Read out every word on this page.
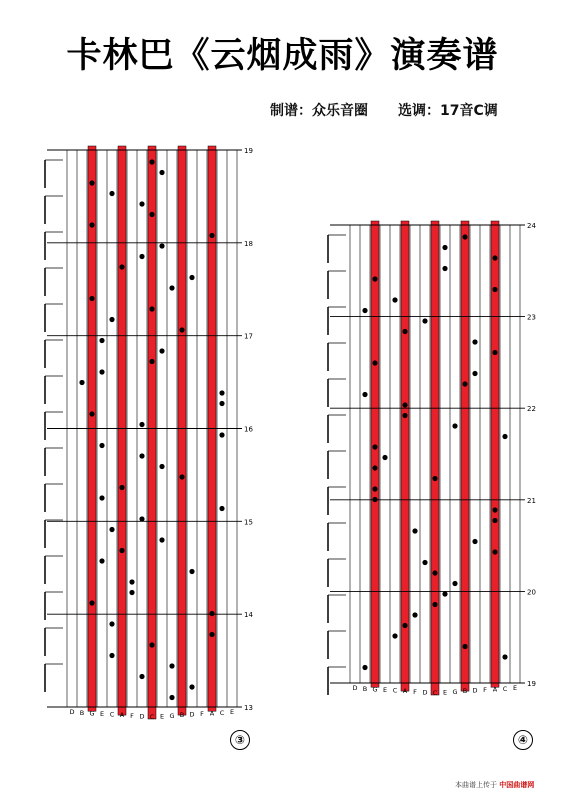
卡林巴《云烟成雨》演奏谱
制谱：众乐音圈 选调：17音C调
19
18
17
16
15
14
13
D B G E C A F D C E G B D F A C E
24
23
22
21
20
19
D B G E C A F D C E G B D F A C E
③	④
本曲谱上传于 中国曲谱网
